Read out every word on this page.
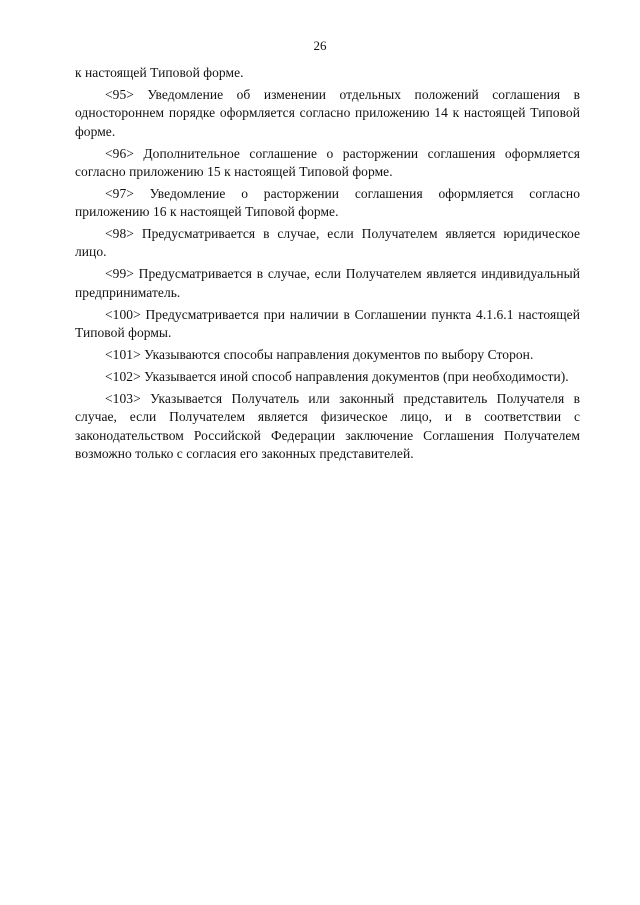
26

к настоящей Типовой форме.

<95> Уведомление об изменении отдельных положений соглашения в одностороннем порядке оформляется согласно приложению 14 к настоящей Типовой форме.

<96> Дополнительное соглашение о расторжении соглашения оформляется согласно приложению 15 к настоящей Типовой форме.

<97> Уведомление о расторжении соглашения оформляется согласно приложению 16 к настоящей Типовой форме.

<98> Предусматривается в случае, если Получателем является юридическое лицо.

<99> Предусматривается в случае, если Получателем является индивидуальный предприниматель.

<100> Предусматривается при наличии в Соглашении пункта 4.1.6.1 настоящей Типовой формы.

<101> Указываются способы направления документов по выбору Сторон.

<102> Указывается иной способ направления документов (при необходимости).

<103> Указывается Получатель или законный представитель Получателя в случае, если Получателем является физическое лицо, и в соответствии с законодательством Российской Федерации заключение Соглашения Получателем возможно только с согласия его законных представителей.
